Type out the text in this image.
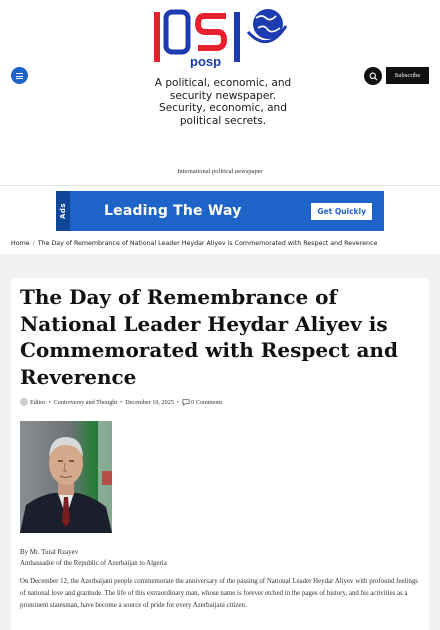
posp
A political, economic, and
security newspaper.
Security, economic, and
political secrets.
Subscribe
International political newspaper
Ads	Leading The Way	Get Quickly
Home / The Day of Remembrance of National Leader Heydar Aliyev is Commemorated with Respect and Reverence
The Day of Remembrance of National Leader Heydar Aliyev is Commemorated with Respect and Reverence
Editor • Controversy and Thought • December 10, 2025 • 0 Comments
By Mr. Tural Rzayev
Ambassador of the Republic of Azerbaijan to Algeria

On December 12, the Azerbaijani people commemorate the anniversary of the passing of National Leader Heydar Aliyev with profound feelings of national love and gratitude. The life of this extraordinary man, whose name is forever etched in the pages of history, and his activities as a prominent statesman, have become a source of pride for every Azerbaijani citizen.
